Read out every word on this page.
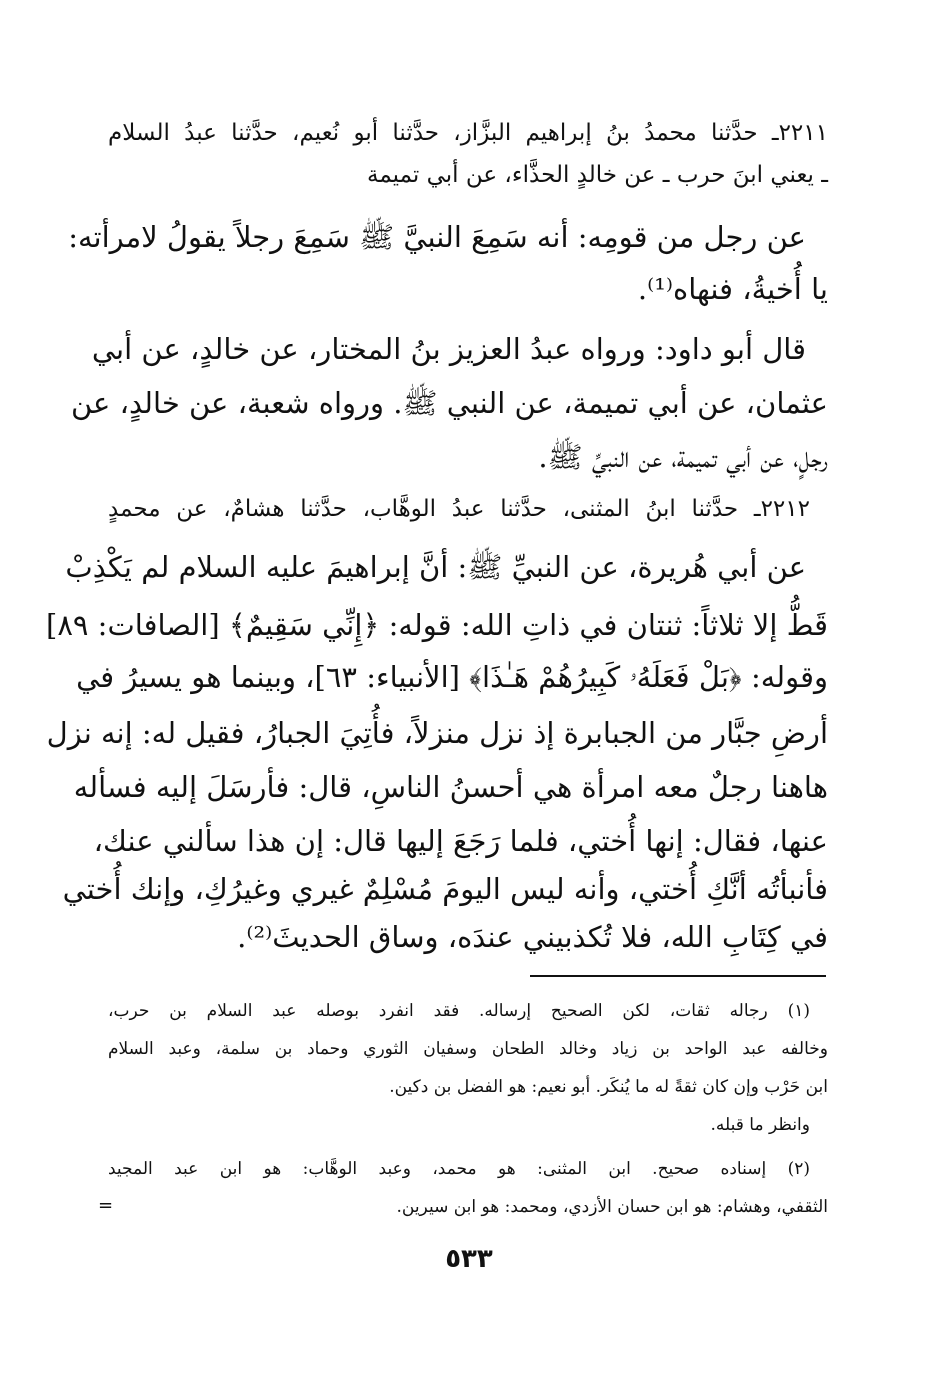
٢٢١١ـ حدَّثنا محمدُ بنُ إبراهيم البزَّاز، حدَّثنا أبو نُعيم، حدَّثنا عبدُ السلام

ـ يعني ابنَ حرب ـ عن خالدٍ الحذَّاء، عن أبي تميمة

عن رجل من قومِه: أنه سَمِعَ النبيَّ ﷺ سَمِعَ رجلاً يقولُ لامرأته:

يا أُخيةُ، فنهاه⁽¹⁾.

قال أبو داود: ورواه عبدُ العزيز بنُ المختار، عن خالدٍ، عن أبي

عثمان، عن أبي تميمة، عن النبي ﷺ. ورواه شعبة، عن خالدٍ، عن

رجلٍ، عن أبي تميمة، عن النبيِّ ﷺ.

٢٢١٢ـ حدَّثنا ابنُ المثنى، حدَّثنا عبدُ الوهَّاب، حدَّثنا هشامٌ، عن محمدٍ

عن أبي هُريرة، عن النبيِّ ﷺ: أنَّ إبراهيمَ عليه السلام لم يَكْذِبْ

قَطُّ إلا ثلاثاً: ثنتان في ذاتِ الله: قوله: ﴿إِنِّي سَقِيمٌ﴾ [الصافات: ٨٩]

وقوله: ﴿بَلْ فَعَلَهُۥ كَبِيرُهُمْ هَـٰذَا﴾ [الأنبياء: ٦٣]، وبينما هو يسيرُ في

أرضِ جبَّار من الجبابرة إذ نزل منزلاً، فأُتِيَ الجبارُ، فقيل له: إنه نزل

هاهنا رجلٌ معه امرأة هي أحسنُ الناسِ، قال: فأرسَلَ إليه فسأله

عنها، فقال: إنها أُختي، فلما رَجَعَ إليها قال: إن هذا سألني عنك،

فأنبأتُه أنَّكِ أُختي، وأنه ليس اليومَ مُسْلِمٌ غيري وغيرُكِ، وإنك أُختي

في كِتَابِ الله، فلا تُكذبيني عندَه، وساق الحديثَ⁽²⁾.

(١) رجاله ثقات، لكن الصحيح إرساله. فقد انفرد بوصله عبد السلام بن حرب،

وخالفه عبد الواحد بن زياد وخالد الطحان وسفيان الثوري وحماد بن سلمة، وعبد السلام

ابن حَرْب وإن كان ثقةً له ما يُنكَر. أبو نعيم: هو الفضل بن دكين.

وانظر ما قبله.

(٢) إسناده صحيح. ابن المثنى: هو محمد، وعبد الوهَّاب: هو ابن عبد المجيد

الثقفي، وهشام: هو ابن حسان الأزدي، ومحمد: هو ابن سيرين.

=
٥٣٣
